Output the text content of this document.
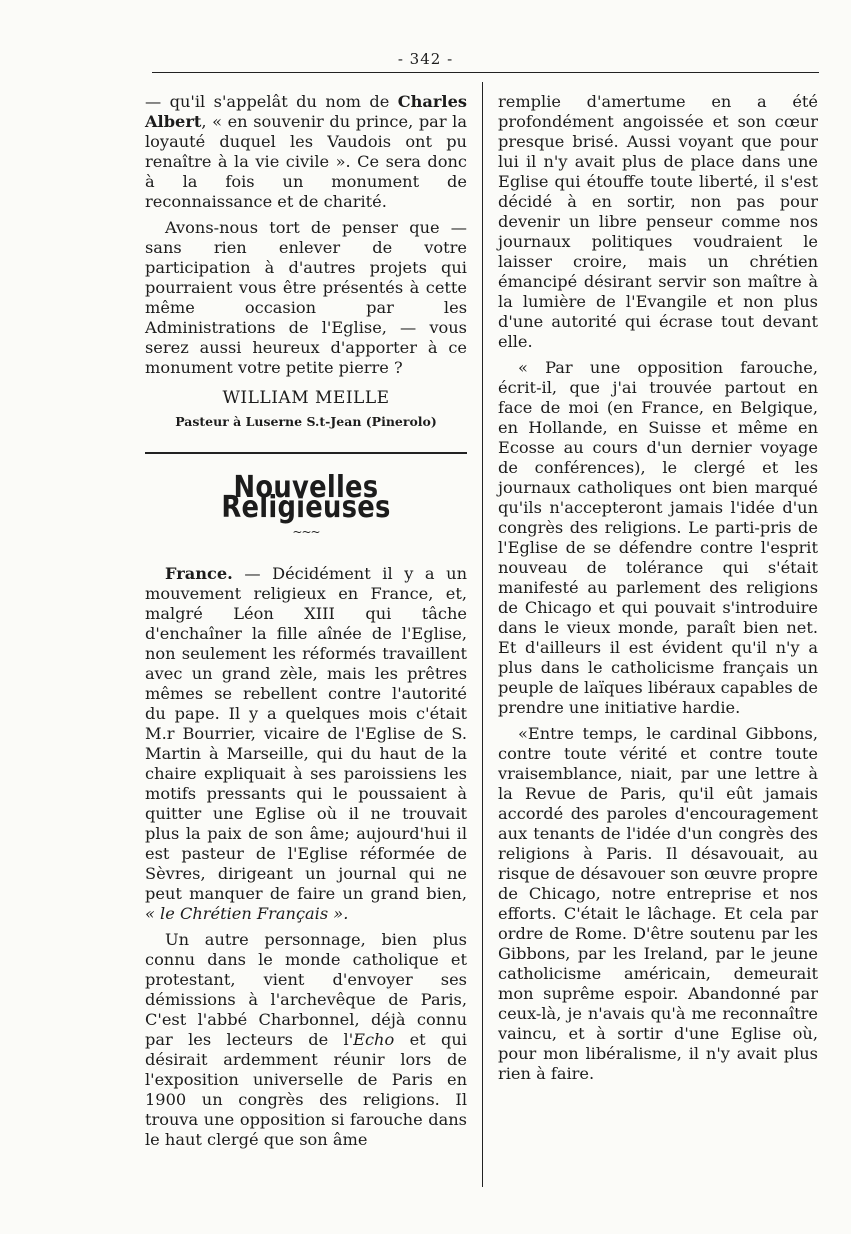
- 342 -

— qu'il s'appelât du nom de Charles Albert, « en souvenir du prince, par la loyauté duquel les Vaudois ont pu renaître à la vie civile ». Ce sera donc à la fois un monument de reconnaissance et de charité.

Avons-nous tort de penser que — sans rien enlever de votre participation à d'autres projets qui pourraient vous être présentés à cette même occasion par les Administrations de l'Eglise, — vous serez aussi heureux d'apporter à ce monument votre petite pierre ?

WILLIAM MEILLE
Pasteur à Luserne S.t-Jean (Pinerolo)
Nouvelles Religieuses
~~~

France. — Décidément il y a un mouvement religieux en France, et, malgré Léon XIII qui tâche d'enchaîner la fille aînée de l'Eglise, non seulement les réformés travaillent avec un grand zèle, mais les prêtres mêmes se rebellent contre l'autorité du pape. Il y a quelques mois c'était M.r Bourrier, vicaire de l'Eglise de S. Martin à Marseille, qui du haut de la chaire expliquait à ses paroissiens les motifs pressants qui le poussaient à quitter une Eglise où il ne trouvait plus la paix de son âme; aujourd'hui il est pasteur de l'Eglise réformée de Sèvres, dirigeant un journal qui ne peut manquer de faire un grand bien, « le Chrétien Français ».

Un autre personnage, bien plus connu dans le monde catholique et protestant, vient d'envoyer ses démissions à l'archevêque de Paris, C'est l'abbé Charbonnel, déjà connu par les lecteurs de l'Echo et qui désirait ardemment réunir lors de l'exposition universelle de Paris en 1900 un congrès des religions. Il trouva une opposition si farouche dans le haut clergé que son âme

remplie d'amertume en a été profondément angoissée et son cœur presque brisé. Aussi voyant que pour lui il n'y avait plus de place dans une Eglise qui étouffe toute liberté, il s'est décidé à en sortir, non pas pour devenir un libre penseur comme nos journaux politiques voudraient le laisser croire, mais un chrétien émancipé désirant servir son maître à la lumière de l'Evangile et non plus d'une autorité qui écrase tout devant elle.

« Par une opposition farouche, écrit-il, que j'ai trouvée partout en face de moi (en France, en Belgique, en Hollande, en Suisse et même en Ecosse au cours d'un dernier voyage de conférences), le clergé et les journaux catholiques ont bien marqué qu'ils n'accepteront jamais l'idée d'un congrès des religions. Le parti-pris de l'Eglise de se défendre contre l'esprit nouveau de tolérance qui s'était manifesté au parlement des religions de Chicago et qui pouvait s'introduire dans le vieux monde, paraît bien net. Et d'ailleurs il est évident qu'il n'y a plus dans le catholicisme français un peuple de laïques libéraux capables de prendre une initiative hardie.

«Entre temps, le cardinal Gibbons, contre toute vérité et contre toute vraisemblance, niait, par une lettre à la Revue de Paris, qu'il eût jamais accordé des paroles d'encouragement aux tenants de l'idée d'un congrès des religions à Paris. Il désavouait, au risque de désavouer son œuvre propre de Chicago, notre entreprise et nos efforts. C'était le lâchage. Et cela par ordre de Rome. D'être soutenu par les Gibbons, par les Ireland, par le jeune catholicisme américain, demeurait mon suprême espoir. Abandonné par ceux-là, je n'avais qu'à me reconnaître vaincu, et à sortir d'une Eglise où, pour mon libéralisme, il n'y avait plus rien à faire.
